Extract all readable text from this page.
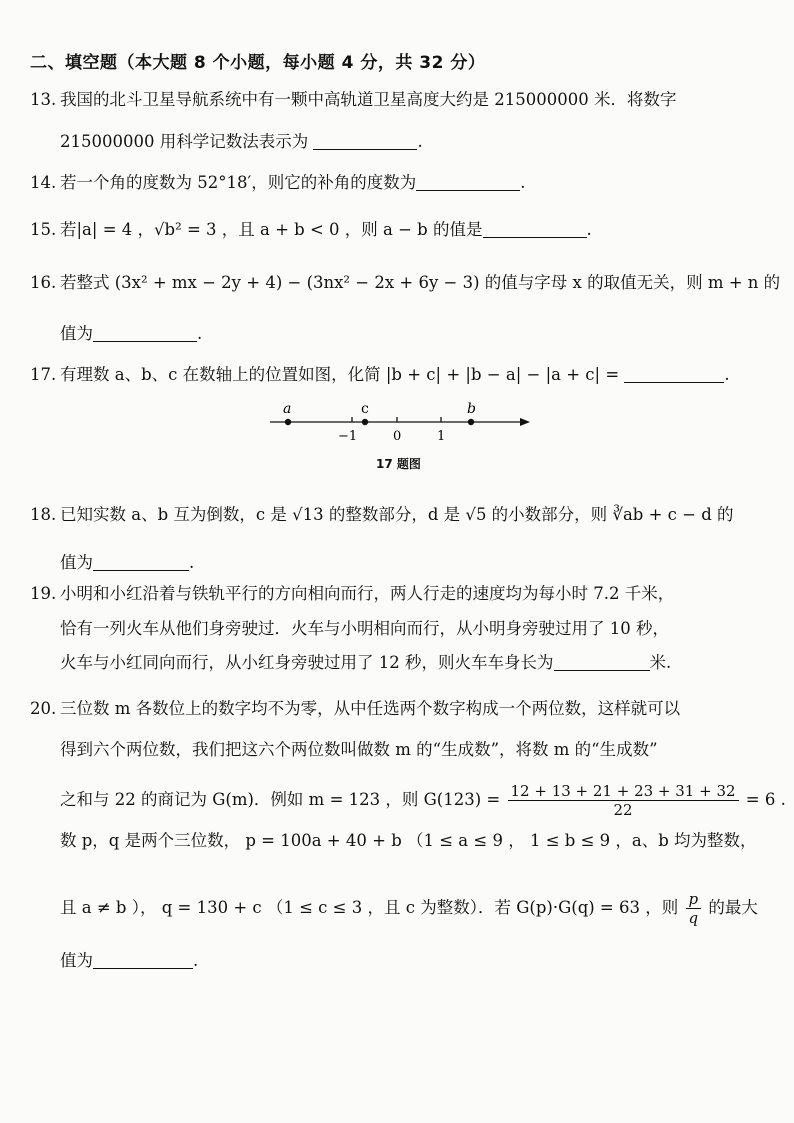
二、填空题（本大题 8 个小题，每小题 4 分，共 32 分）
13. 我国的北斗卫星导航系统中有一颗中高轨道卫星高度大约是 215000000 米．将数字
215000000 用科学记数法表示为	.
14. 若一个角的度数为 52°18′，则它的补角的度数为	.
15. 若|a| = 4 ，√b² = 3 ，且 a + b < 0 ，则 a − b 的值是	.
16. 若整式 (3x² + mx − 2y + 4) − (3nx² − 2x + 6y − 3) 的值与字母 x 的取值无关，则 m + n 的
值为	.
17. 有理数 a、b、c 在数轴上的位置如图，化简 |b + c| + |b − a| − |a + c| =	.
a	c	b
−1	0	1
17 题图
18. 已知实数 a、b 互为倒数，c 是 √13 的整数部分，d 是 √5 的小数部分，则 ∛ab + c − d 的
值为	.
19. 小明和小红沿着与铁轨平行的方向相向而行，两人行走的速度均为每小时 7.2 千米，
恰有一列火车从他们身旁驶过．火车与小明相向而行，从小明身旁驶过用了 10 秒，
火车与小红同向而行，从小红身旁驶过用了 12 秒，则火车车身长为	米.
20. 三位数 m 各数位上的数字均不为零，从中任选两个数字构成一个两位数，这样就可以
得到六个两位数，我们把这六个两位数叫做数 m 的“生成数”，将数 m 的“生成数”
之和与 22 的商记为 G(m)．例如 m = 123 ，则 $G(123) = \frac{12 + 13 + 21 + 23 + 31 + 32}{22} = 6$ .
数 p，q 是两个三位数， p = 100a + 40 + b （1 ≤ a ≤ 9 ， 1 ≤ b ≤ 9 ，a、b 均为整数，
且 a ≠ b ）， q = 130 + c （1 ≤ c ≤ 3 ，且 c 为整数）．若 G(p)·G(q) = 63 ，则 $\frac{p}{q}$ 的最大
值为	.
